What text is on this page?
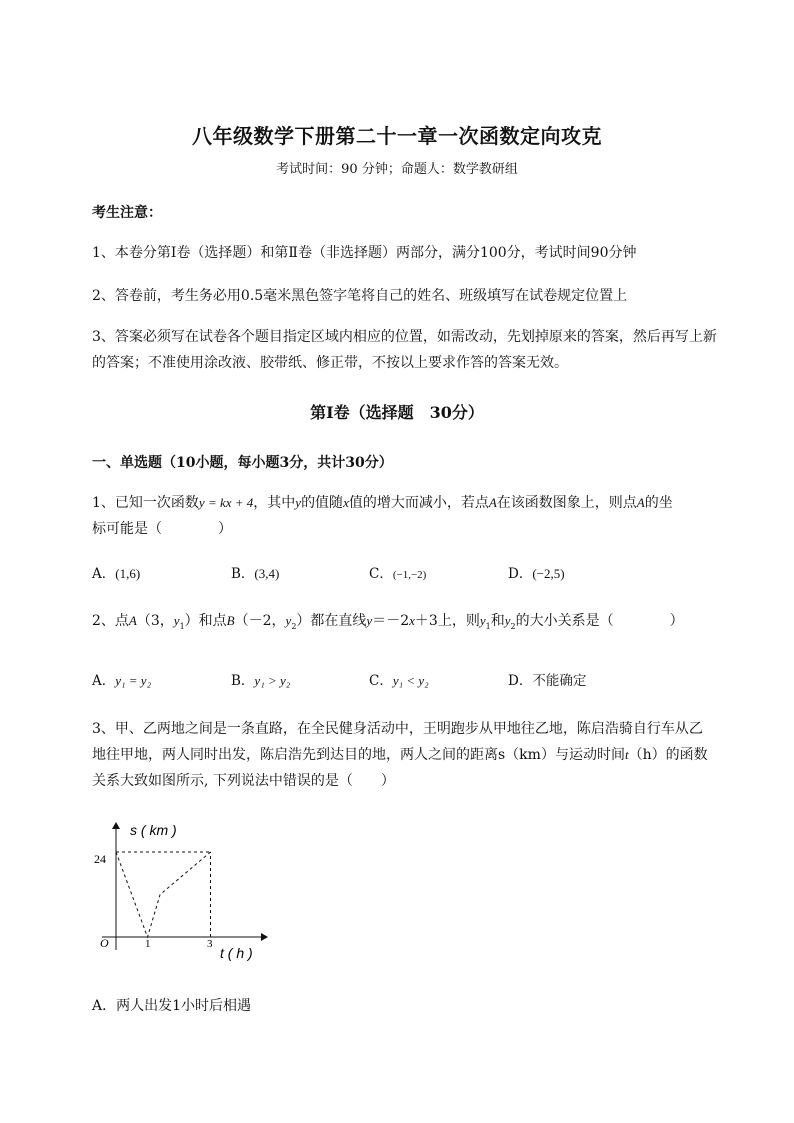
八年级数学下册第二十一章一次函数定向攻克
考试时间：90 分钟；命题人：数学教研组
考生注意：
1、本卷分第Ⅰ卷（选择题）和第Ⅱ卷（非选择题）两部分，满分100分，考试时间90分钟
2、答卷前，考生务必用0.5毫米黑色签字笔将自己的姓名、班级填写在试卷规定位置上
3、答案必须写在试卷各个题目指定区域内相应的位置，如需改动，先划掉原来的答案，然后再写上新
的答案；不准使用涂改液、胶带纸、修正带，不按以上要求作答的答案无效。
第Ⅰ卷（选择题　30分）
一、单选题（10小题，每小题3分，共计30分）
1、已知一次函数y = kx + 4，其中y的值随x值的增大而减小，若点A在该函数图象上，则点A的坐
标可能是（　　　　）
A．(1,6)	B．(3,4)	C．(−1,−2)	D．(−2,5)
2、点A（3，$y_1$）和点B（－2，$y_2$）都在直线y＝－2x＋3上，则$y_1$和$y_2$的大小关系是（　　　　）
A．y₁ = y₂	B．y₁ > y₂	C．y₁ < y₂	D．不能确定
3、甲、乙两地之间是一条直路，在全民健身活动中，王明跑步从甲地往乙地，陈启浩骑自行车从乙
地往甲地，两人同时出发，陈启浩先到达目的地，两人之间的距离s（km）与运动时间t（h）的函数
关系大致如图所示, 下列说法中错误的是（　　）
s ( km )
t ( h )
O
24
1	3
A．两人出发1小时后相遇
